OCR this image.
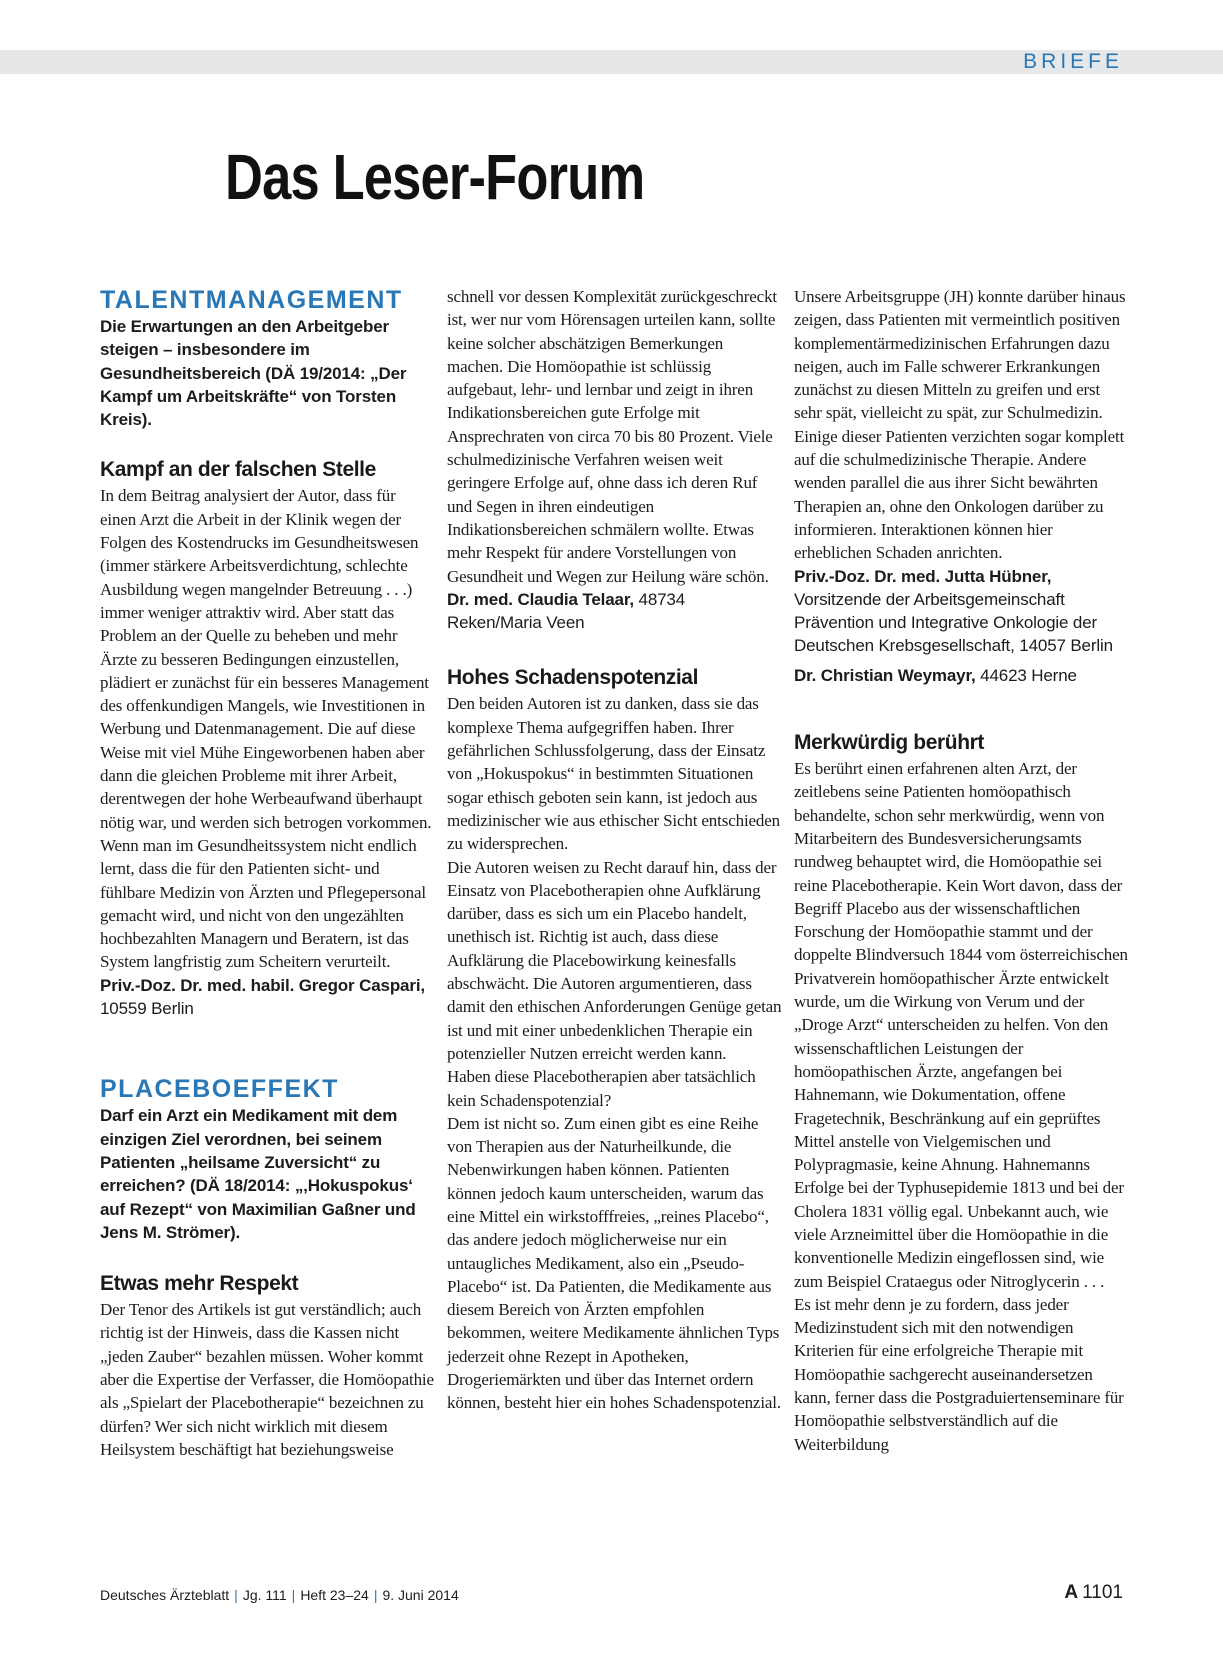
BRIEFE
Das Leser-Forum
TALENTMANAGEMENT

Die Erwartungen an den Arbeitgeber steigen – insbesondere im Gesundheitsbereich (DÄ 19/2014: „Der Kampf um Arbeitskräfte“ von Torsten Kreis).

Kampf an der falschen Stelle

In dem Beitrag analysiert der Autor, dass für einen Arzt die Arbeit in der Klinik wegen der Folgen des Kostendrucks im Gesundheitswesen (immer stärkere Arbeitsverdichtung, schlechte Ausbildung wegen mangelnder Betreuung . . .) immer weniger attraktiv wird. Aber statt das Problem an der Quelle zu beheben und mehr Ärzte zu besseren Bedingungen einzustellen, plädiert er zunächst für ein besseres Management des offenkundigen Mangels, wie Investitionen in Werbung und Datenmanagement. Die auf diese Weise mit viel Mühe Eingeworbenen haben aber dann die gleichen Probleme mit ihrer Arbeit, derentwegen der hohe Werbeaufwand überhaupt nötig war, und werden sich betrogen vorkommen. Wenn man im Gesundheitssystem nicht endlich lernt, dass die für den Patienten sicht- und fühlbare Medizin von Ärzten und Pflegepersonal gemacht wird, und nicht von den ungezählten hochbezahlten Managern und Beratern, ist das System langfristig zum Scheitern verurteilt.

Priv.-Doz. Dr. med. habil. Gregor Caspari, 10559 Berlin

PLACEBOEFFEKT

Darf ein Arzt ein Medikament mit dem einzigen Ziel verordnen, bei seinem Patienten „heilsame Zuversicht“ zu erreichen? (DÄ 18/2014: „‚Hokuspokus‘ auf Rezept“ von Maximilian Gaßner und Jens M. Strömer).

Etwas mehr Respekt

Der Tenor des Artikels ist gut verständlich; auch richtig ist der Hinweis, dass die Kassen nicht „jeden Zauber“ bezahlen müssen. Woher kommt aber die Expertise der Verfasser, die Homöopathie als „Spielart der Placebotherapie“ bezeichnen zu dürfen? Wer sich nicht wirklich mit diesem Heilsystem beschäftigt hat beziehungsweise

schnell vor dessen Komplexität zurückgeschreckt ist, wer nur vom Hörensagen urteilen kann, sollte keine solcher abschätzigen Bemerkungen machen. Die Homöopathie ist schlüssig aufgebaut, lehr- und lernbar und zeigt in ihren Indikationsbereichen gute Erfolge mit Ansprechraten von circa 70 bis 80 Prozent. Viele schulmedizinische Verfahren weisen weit geringere Erfolge auf, ohne dass ich deren Ruf und Segen in ihren eindeutigen Indikationsbereichen schmälern wollte. Etwas mehr Respekt für andere Vorstellungen von Gesundheit und Wegen zur Heilung wäre schön.

Dr. med. Claudia Telaar, 48734 Reken/Maria Veen

Hohes Schadenspotenzial

Den beiden Autoren ist zu danken, dass sie das komplexe Thema aufgegriffen haben. Ihrer gefährlichen Schlussfolgerung, dass der Einsatz von „Hokuspokus“ in bestimmten Situationen sogar ethisch geboten sein kann, ist jedoch aus medizinischer wie aus ethischer Sicht entschieden zu widersprechen.

Die Autoren weisen zu Recht darauf hin, dass der Einsatz von Placebotherapien ohne Aufklärung darüber, dass es sich um ein Placebo handelt, unethisch ist. Richtig ist auch, dass diese Aufklärung die Placebowirkung keinesfalls abschwächt. Die Autoren argumentieren, dass damit den ethischen Anforderungen Genüge getan ist und mit einer unbedenklichen Therapie ein potenzieller Nutzen erreicht werden kann.

Haben diese Placebotherapien aber tatsächlich kein Schadenspotenzial?

Dem ist nicht so. Zum einen gibt es eine Reihe von Therapien aus der Naturheilkunde, die Nebenwirkungen haben können. Patienten können jedoch kaum unterscheiden, warum das eine Mittel ein wirkstofffreies, „reines Placebo“, das andere jedoch möglicherweise nur ein untaugliches Medikament, also ein „Pseudo-Placebo“ ist. Da Patienten, die Medikamente aus diesem Bereich von Ärzten empfohlen bekommen, weitere Medikamente ähnlichen Typs jederzeit ohne Rezept in Apotheken, Drogeriemärkten und über das Internet ordern können, besteht hier ein hohes Schadenspotenzial.

Unsere Arbeitsgruppe (JH) konnte darüber hinaus zeigen, dass Patienten mit vermeintlich positiven komplementärmedizinischen Erfahrungen dazu neigen, auch im Falle schwerer Erkrankungen zunächst zu diesen Mitteln zu greifen und erst sehr spät, vielleicht zu spät, zur Schulmedizin. Einige dieser Patienten verzichten sogar komplett auf die schulmedizinische Therapie. Andere wenden parallel die aus ihrer Sicht bewährten Therapien an, ohne den Onkologen darüber zu informieren. Interaktionen können hier erheblichen Schaden anrichten.

Priv.-Doz. Dr. med. Jutta Hübner, Vorsitzende der Arbeitsgemeinschaft Prävention und Integrative Onkologie der Deutschen Krebsgesellschaft, 14057 Berlin

Dr. Christian Weymayr, 44623 Herne

Merkwürdig berührt

Es berührt einen erfahrenen alten Arzt, der zeitlebens seine Patienten homöopathisch behandelte, schon sehr merkwürdig, wenn von Mitarbeitern des Bundesversicherungsamts rundweg behauptet wird, die Homöopathie sei reine Placebotherapie. Kein Wort davon, dass der Begriff Placebo aus der wissenschaftlichen Forschung der Homöopathie stammt und der doppelte Blindversuch 1844 vom österreichischen Privatverein homöopathischer Ärzte entwickelt wurde, um die Wirkung von Verum und der „Droge Arzt“ unterscheiden zu helfen. Von den wissenschaftlichen Leistungen der homöopathischen Ärzte, angefangen bei Hahnemann, wie Dokumentation, offene Fragetechnik, Beschränkung auf ein geprüftes Mittel anstelle von Vielgemischen und Polypragmasie, keine Ahnung. Hahnemanns Erfolge bei der Typhusepidemie 1813 und bei der Cholera 1831 völlig egal. Unbekannt auch, wie viele Arzneimittel über die Homöopathie in die konventionelle Medizin eingeflossen sind, wie zum Beispiel Crataegus oder Nitroglycerin . . .

Es ist mehr denn je zu fordern, dass jeder Medizinstudent sich mit den notwendigen Kriterien für eine erfolgreiche Therapie mit Homöopathie sachgerecht auseinandersetzen kann, ferner dass die Postgraduiertenseminare für Homöopathie selbstverständlich auf die Weiterbildung

Deutsches Ärzteblatt | Jg. 111 | Heft 23–24 | 9. Juni 2014	A 1101
